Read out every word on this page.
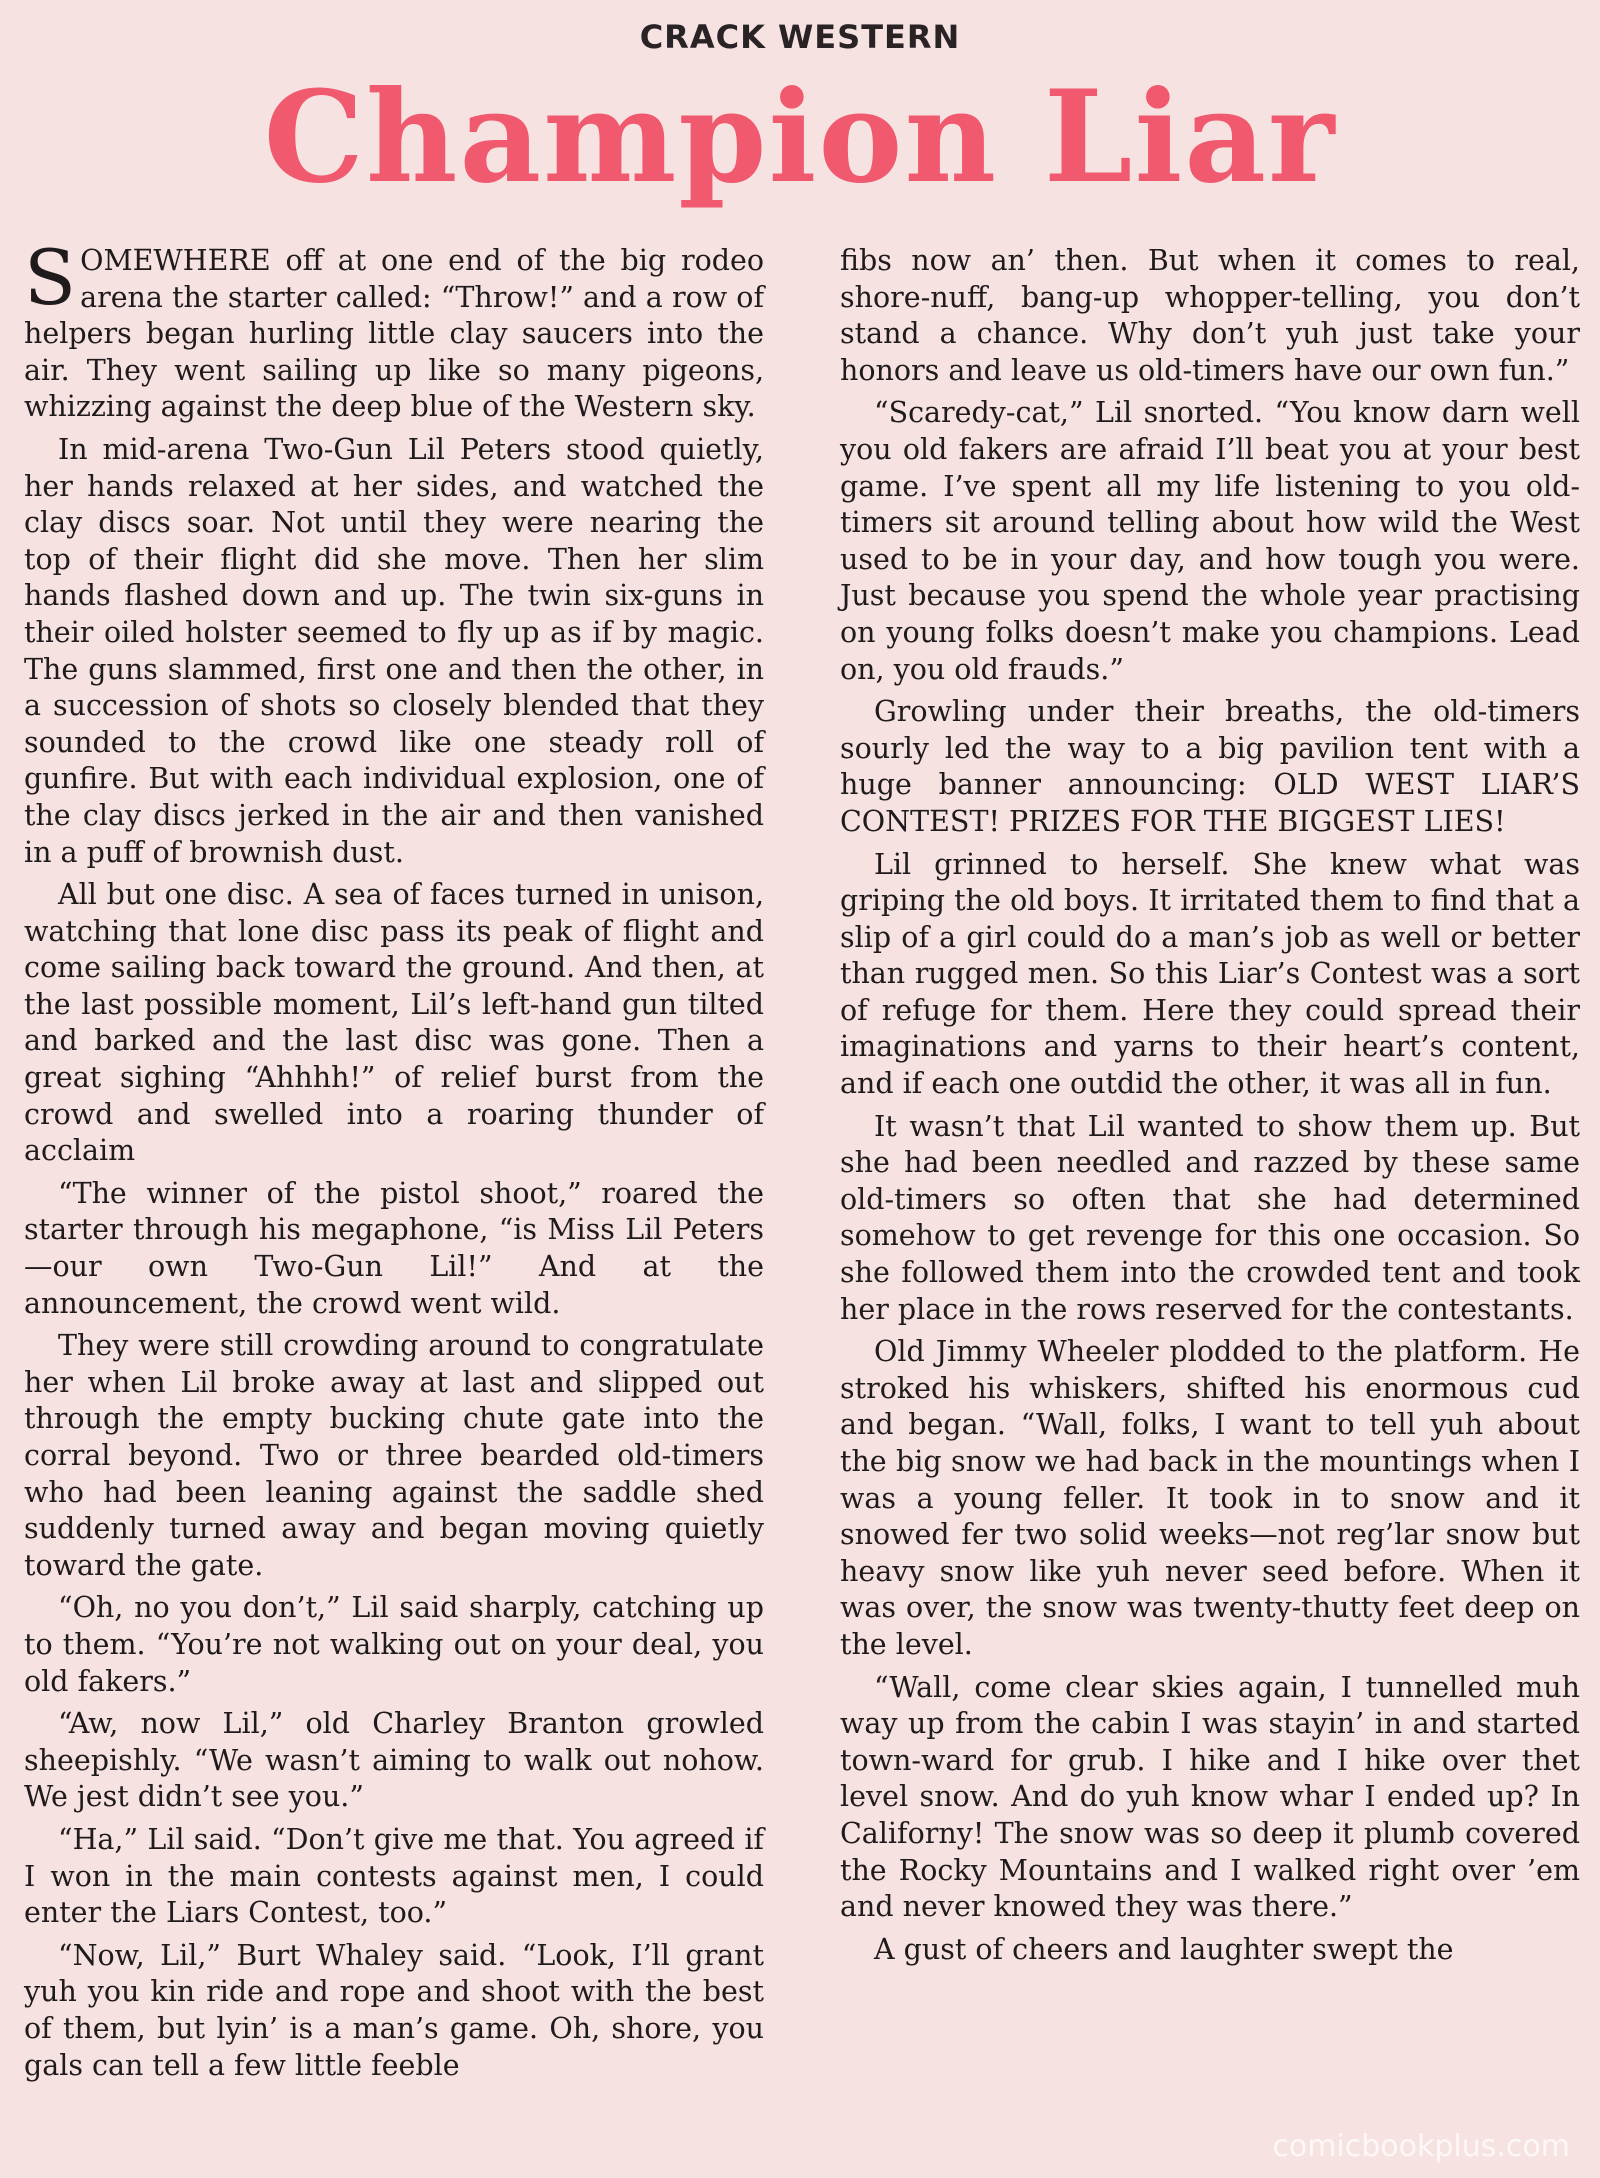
CRACK WESTERN
Champion Liar

SOMEWHERE off at one end of the big rodeo arena the starter called: “Throw!” and a row of helpers began hurling little clay saucers into the air. They went sailing up like so many pigeons, whizzing against the deep blue of the Western sky.

In mid-arena Two-Gun Lil Peters stood quietly, her hands relaxed at her sides, and watched the clay discs soar. Not until they were nearing the top of their flight did she move. Then her slim hands flashed down and up. The twin six-guns in their oiled holster seemed to fly up as if by magic. The guns slammed, first one and then the other, in a succession of shots so closely blended that they sounded to the crowd like one steady roll of gunfire. But with each individual explosion, one of the clay discs jerked in the air and then vanished in a puff of brownish dust.

All but one disc. A sea of faces turned in unison, watching that lone disc pass its peak of flight and come sailing back toward the ground. And then, at the last possible moment, Lil’s left-hand gun tilted and barked and the last disc was gone. Then a great sighing “Ahhhh!” of relief burst from the crowd and swelled into a roaring thunder of acclaim

“The winner of the pistol shoot,” roared the starter through his megaphone, “is Miss Lil Peters—our own Two-Gun Lil!” And at the announcement, the crowd went wild.

They were still crowding around to congratulate her when Lil broke away at last and slipped out through the empty bucking chute gate into the corral beyond. Two or three bearded old-timers who had been leaning against the saddle shed suddenly turned away and began moving quietly toward the gate.

“Oh, no you don’t,” Lil said sharply, catching up to them. “You’re not walking out on your deal, you old fakers.”

“Aw, now Lil,” old Charley Branton growled sheepishly. “We wasn’t aiming to walk out nohow. We jest didn’t see you.”

“Ha,” Lil said. “Don’t give me that. You agreed if I won in the main contests against men, I could enter the Liars Contest, too.”

“Now, Lil,” Burt Whaley said. “Look, I’ll grant yuh you kin ride and rope and shoot with the best of them, but lyin’ is a man’s game. Oh, shore, you gals can tell a few little feeble

fibs now an’ then. But when it comes to real, shore-nuff, bang-up whopper-telling, you don’t stand a chance. Why don’t yuh just take your honors and leave us old-timers have our own fun.”

“Scaredy-cat,” Lil snorted. “You know darn well you old fakers are afraid I’ll beat you at your best game. I’ve spent all my life listening to you old-timers sit around telling about how wild the West used to be in your day, and how tough you were. Just because you spend the whole year practising on young folks doesn’t make you champions. Lead on, you old frauds.”

Growling under their breaths, the old-timers sourly led the way to a big pavilion tent with a huge banner announcing: OLD WEST LIAR’S CONTEST! PRIZES FOR THE BIGGEST LIES!

Lil grinned to herself. She knew what was griping the old boys. It irritated them to find that a slip of a girl could do a man’s job as well or better than rugged men. So this Liar’s Contest was a sort of refuge for them. Here they could spread their imaginations and yarns to their heart’s content, and if each one outdid the other, it was all in fun.

It wasn’t that Lil wanted to show them up. But she had been needled and razzed by these same old-timers so often that she had determined somehow to get revenge for this one occasion. So she followed them into the crowded tent and took her place in the rows reserved for the contestants.

Old Jimmy Wheeler plodded to the platform. He stroked his whiskers, shifted his enormous cud and began. “Wall, folks, I want to tell yuh about the big snow we had back in the mountings when I was a young feller. It took in to snow and it snowed fer two solid weeks—not reg’lar snow but heavy snow like yuh never seed before. When it was over, the snow was twenty-thutty feet deep on the level.

“Wall, come clear skies again, I tunnelled muh way up from the cabin I was stayin’ in and started town-ward for grub. I hike and I hike over thet level snow. And do yuh know whar I ended up? In Californy! The snow was so deep it plumb covered the Rocky Mountains and I walked right over ’em and never knowed they was there.”

A gust of cheers and laughter swept the

comicbookplus.com
